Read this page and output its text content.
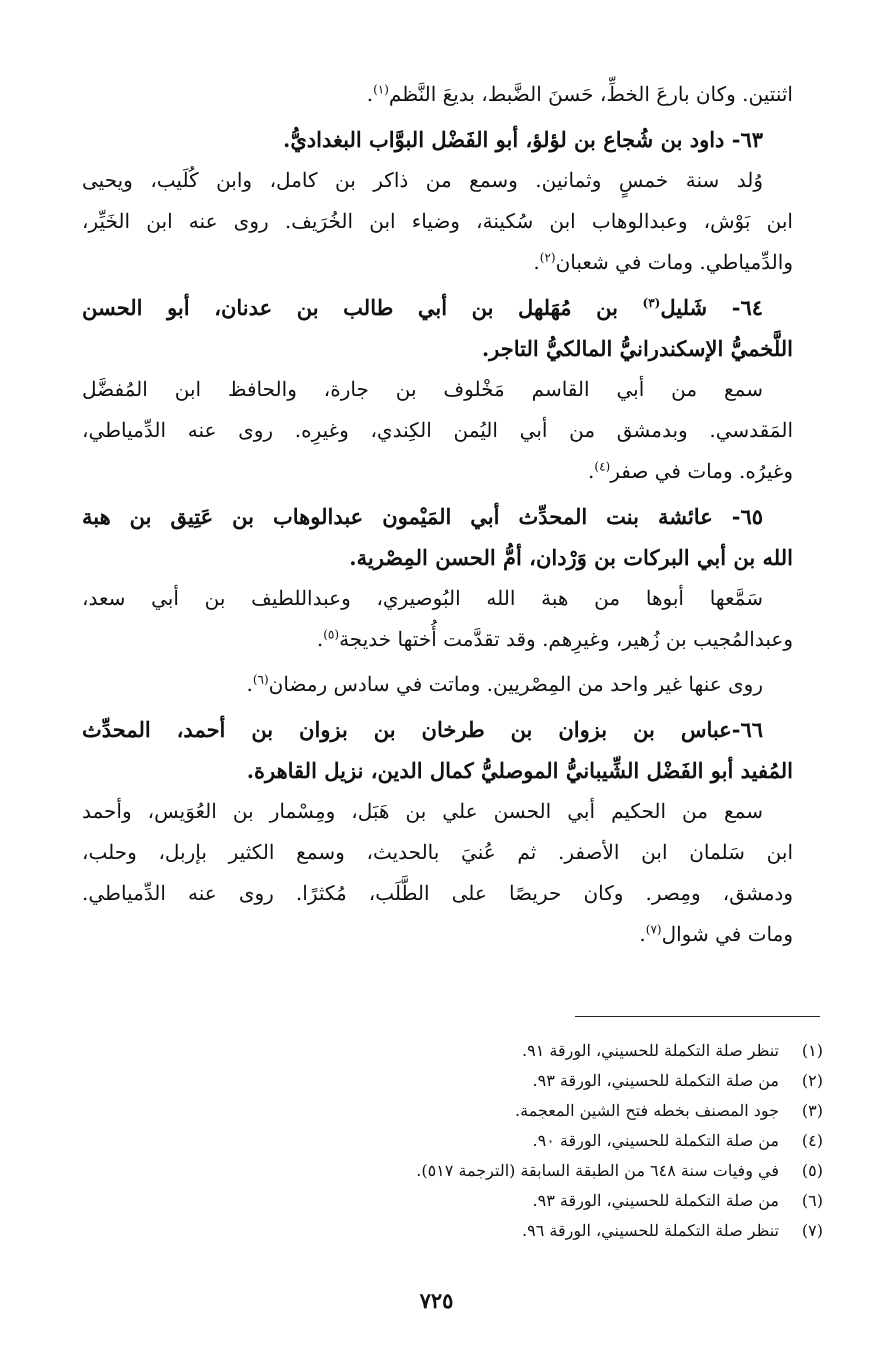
اثنتين. وكان بارعَ الخطِّ، حَسنَ الضَّبط، بديعَ النَّظم$^{(١)}$.
٦٣- داود بن شُجاع بن لؤلؤ، أبو الفَضْل البوَّاب البغداديُّ.
وُلد سنة خمسٍ وثمانين. وسمع من ذاكر بن كامل، وابن كُلَيب، ويحيى
ابن بَوْش، وعبدالوهاب ابن سُكينة، وضياء ابن الخُرَيف. روى عنه ابن الخَيِّر،
والدِّمياطي. ومات في شعبان$^{(٢)}$.
٦٤- شَليل$^{(٣)}$ بن مُهَلهل بن أبي طالب بن عدنان، أبو الحسن
اللَّخميُّ الإسكندرانيُّ المالكيُّ التاجر.
سمع من أبي القاسم مَخْلوف بن جارة، والحافظ ابن المُفضَّل
المَقدسي. وبدمشق من أبي اليُمن الكِندي، وغيرِه. روى عنه الدِّمياطي،
وغيرُه. ومات في صفر$^{(٤)}$.
٦٥- عائشة بنت المحدِّث أبي المَيْمون عبدالوهاب بن عَتِيق بن هبة
الله بن أبي البركات بن وَرْدان، أمُّ الحسن المِصْرية.
سَمَّعها أبوها من هبة الله البُوصيري، وعبداللطيف بن أبي سعد،
وعبدالمُجيب بن زُهير، وغيرِهم. وقد تقدَّمت أُختها خديجة$^{(٥)}$.
روى عنها غير واحد من المِصْريين. وماتت في سادس رمضان$^{(٦)}$.
٦٦-عباس بن بزوان بن طرخان بن بزوان بن أحمد، المحدِّث
المُفيد أبو الفَضْل الشِّيبانيُّ الموصليُّ كمال الدين، نزيل القاهرة.
سمع من الحكيم أبي الحسن علي بن هَبَل، ومِسْمار بن العُوَيس، وأحمد
ابن سَلمان ابن الأصفر. ثم عُنيَ بالحديث، وسمع الكثير بإربل، وحلب،
ودمشق، ومِصر. وكان حريصًا على الطَّلَب، مُكثرًا. روى عنه الدِّمياطي.
ومات في شوال$^{(٧)}$.
(١)تنظر صلة التكملة للحسيني، الورقة ٩١.
(٢)من صلة التكملة للحسيني، الورقة ٩٣.
(٣)جود المصنف بخطه فتح الشين المعجمة.
(٤)من صلة التكملة للحسيني، الورقة ٩٠.
(٥)في وفيات سنة ٦٤٨ من الطبقة السابقة (الترجمة ٥١٧).
(٦)من صلة التكملة للحسيني، الورقة ٩٣.
(٧)تنظر صلة التكملة للحسيني، الورقة ٩٦.
٧٢٥
